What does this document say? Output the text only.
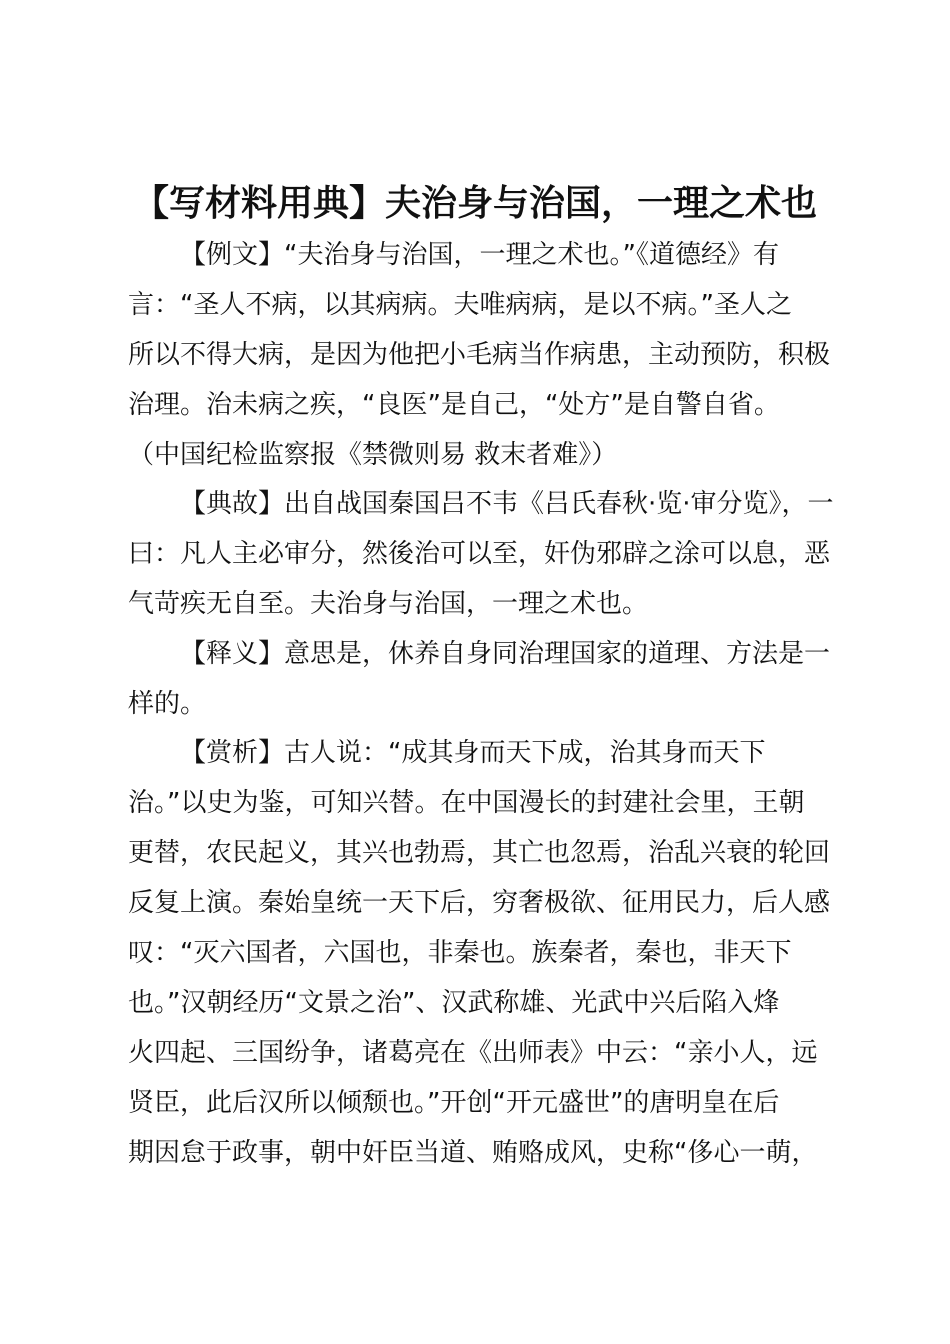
【写材料用典】夫治身与治国，一理之术也
【例文】“夫治身与治国，一理之术也。”《道德经》有
言：“圣人不病，以其病病。夫唯病病，是以不病。”圣人之
所以不得大病，是因为他把小毛病当作病患，主动预防，积极
治理。治未病之疾，“良医”是自己，“处方”是自警自省。
（中国纪检监察报《禁微则易 救末者难》）
【典故】出自战国秦国吕不韦《吕氏春秋·览·审分览》，一
曰：凡人主必审分，然後治可以至，奸伪邪辟之涂可以息，恶
气苛疾无自至。夫治身与治国，一理之术也。
【释义】意思是，休养自身同治理国家的道理、方法是一
样的。
【赏析】古人说：“成其身而天下成，治其身而天下
治。”以史为鉴，可知兴替。在中国漫长的封建社会里，王朝
更替，农民起义，其兴也勃焉，其亡也忽焉，治乱兴衰的轮回
反复上演。秦始皇统一天下后，穷奢极欲、征用民力，后人感
叹：“灭六国者，六国也，非秦也。族秦者，秦也，非天下
也。”汉朝经历“文景之治”、汉武称雄、光武中兴后陷入烽
火四起、三国纷争，诸葛亮在《出师表》中云：“亲小人，远
贤臣，此后汉所以倾颓也。”开创“开元盛世”的唐明皇在后
期因怠于政事，朝中奸臣当道、贿赂成风，史称“侈心一萌，
